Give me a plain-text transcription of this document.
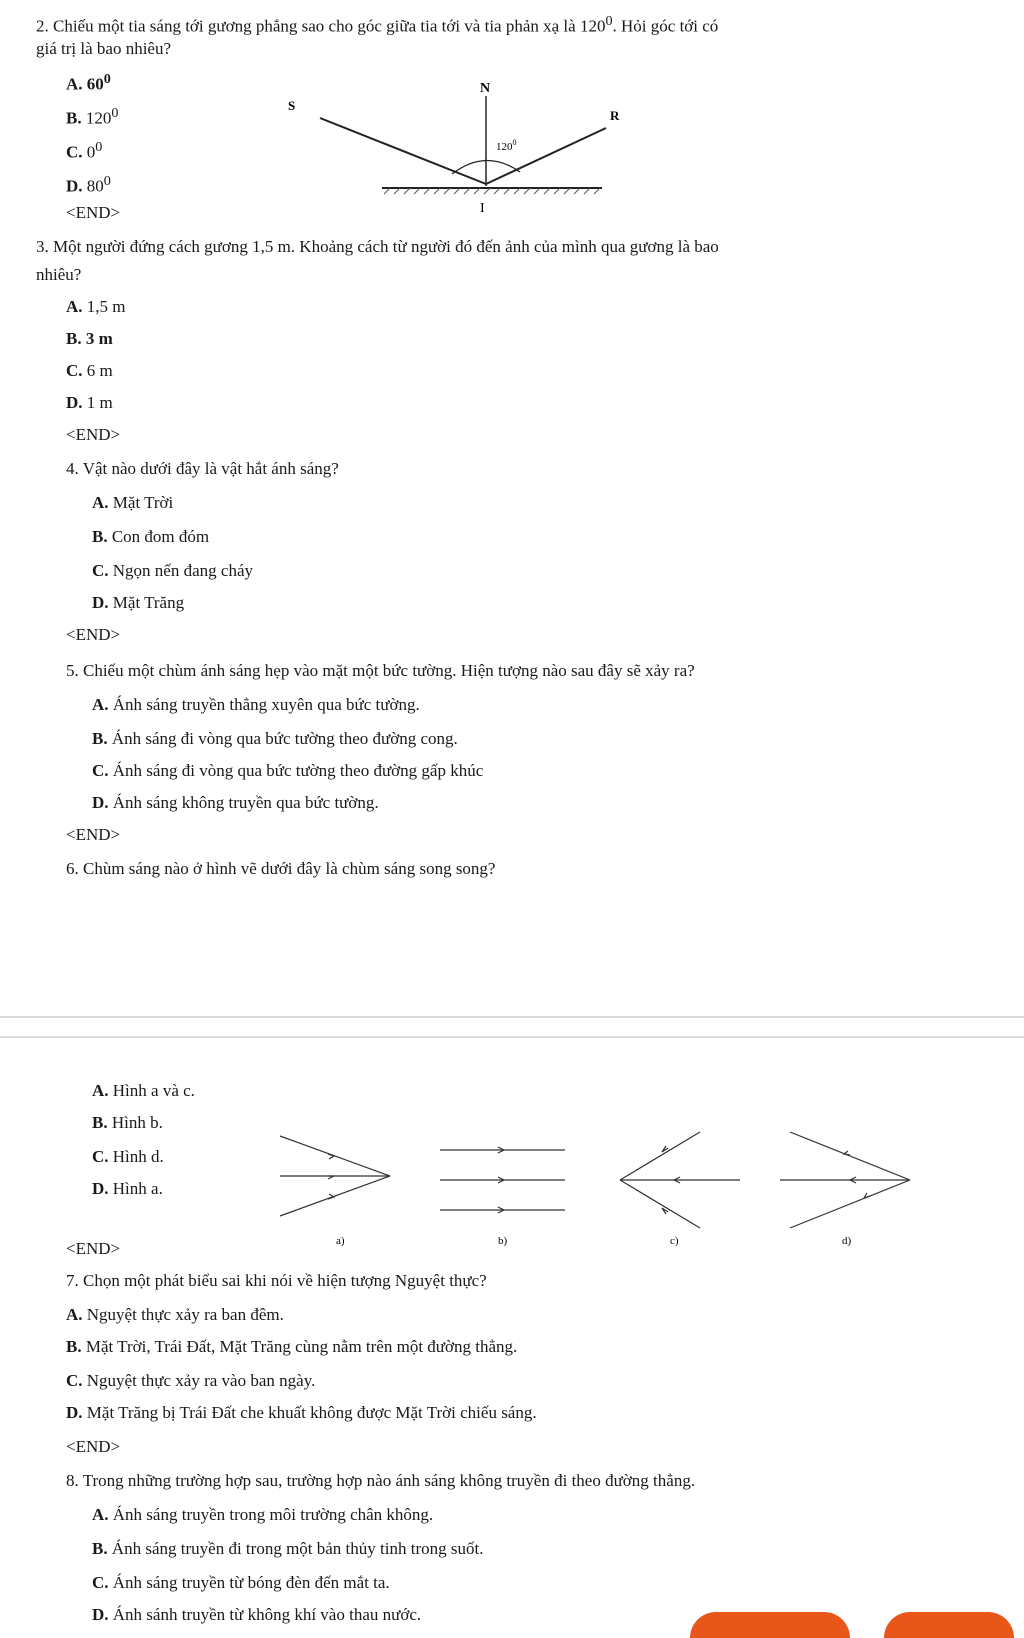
2. Chiếu một tia sáng tới gương phẳng sao cho góc giữa tia tới và tia phản xạ là $120^0$. Hỏi góc tới có
giá trị là bao nhiêu?
A. $60^0$
B. $120^0$
C. $0^0$
D. $80^0$
<END>
N
S
R
$120^0$
I
3. Một người đứng cách gương 1,5 m. Khoảng cách từ người đó đến ảnh của mình qua gương là bao
nhiêu?
A. 1,5 m
B. 3 m
C. 6 m
D. 1 m
<END>
4. Vật nào dưới đây là vật hắt ánh sáng?
A. Mặt Trời
B. Con đom đóm
C. Ngọn nến đang cháy
D. Mặt Trăng
<END>
5. Chiếu một chùm ánh sáng hẹp vào mặt một bức tường. Hiện tượng nào sau đây sẽ xảy ra?
A. Ánh sáng truyền thẳng xuyên qua bức tường.
B. Ánh sáng đi vòng qua bức tường theo đường cong.
C. Ánh sáng đi vòng qua bức tường theo đường gấp khúc
D. Ánh sáng không truyền qua bức tường.
<END>
6. Chùm sáng nào ở hình vẽ dưới đây là chùm sáng song song?
A. Hình a và c.
B. Hình b.
C. Hình d.
D. Hình a.
<END>	a)	b)	c)	d)
7. Chọn một phát biểu sai khi nói về hiện tượng Nguyệt thực?
A. Nguyệt thực xảy ra ban đêm.
B. Mặt Trời, Trái Đất, Mặt Trăng cùng nằm trên một đường thẳng.
C. Nguyệt thực xảy ra vào ban ngày.
D. Mặt Trăng bị Trái Đất che khuất không được Mặt Trời chiếu sáng.
<END>
8. Trong những trường hợp sau, trường hợp nào ánh sáng không truyền đi theo đường thẳng.
A. Ánh sáng truyền trong môi trường chân không.
B. Ánh sáng truyền đi trong một bản thủy tinh trong suốt.
C. Ánh sáng truyền từ bóng đèn đến mắt ta.
D. Ánh sánh truyền từ không khí vào thau nước.
